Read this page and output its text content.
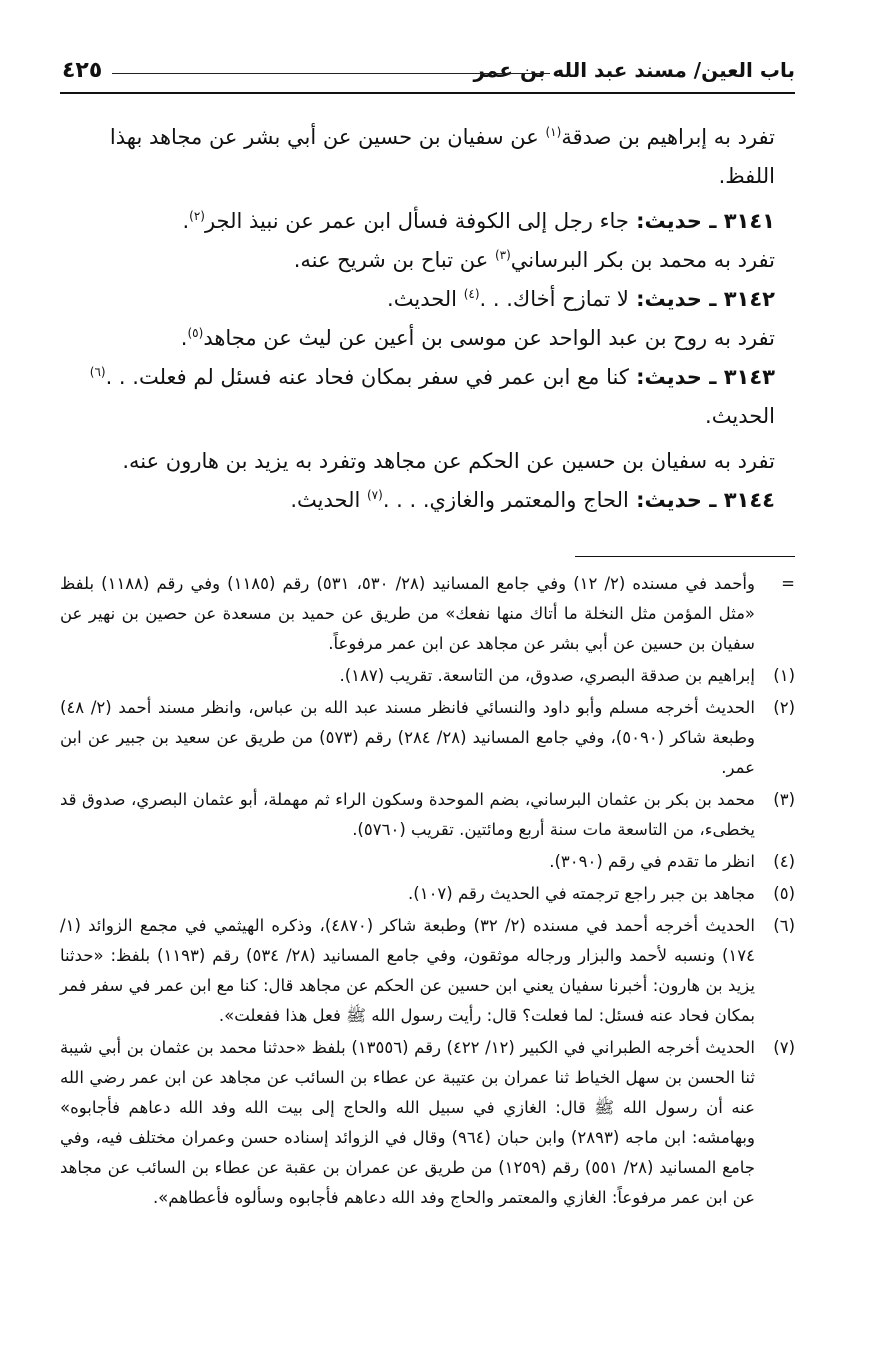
باب العين/ مسند عبد الله بن عمر
٤٢٥

تفرد به إبراهيم بن صدقة$^{(١)}$ عن سفيان بن حسين عن أبي بشر عن مجاهد بهذا اللفظ.

٣١٤١ ـ حديث: جاء رجل إلى الكوفة فسأل ابن عمر عن نبيذ الجر$^{(٢)}$.

تفرد به محمد بن بكر البرساني$^{(٣)}$ عن تباح بن شريح عنه.

٣١٤٢ ـ حديث: لا تمازح أخاك. . .$^{(٤)}$ الحديث.

تفرد به روح بن عبد الواحد عن موسى بن أعين عن ليث عن مجاهد$^{(٥)}$.

٣١٤٣ ـ حديث: كنا مع ابن عمر في سفر بمكان فحاد عنه فسئل لم فعلت. . .$^{(٦)}$ الحديث.

تفرد به سفيان بن حسين عن الحكم عن مجاهد وتفرد به يزيد بن هارون عنه.

٣١٤٤ ـ حديث: الحاج والمعتمر والغازي. . . .$^{(٧)}$ الحديث.

=
وأحمد في مسنده (٢/ ١٢) وفي جامع المسانيد (٢٨/ ٥٣٠، ٥٣١) رقم (١١٨٥) وفي رقم (١١٨٨) بلفظ «مثل المؤمن مثل النخلة ما أتاك منها نفعك» من طريق عن حميد بن مسعدة عن حصين بن نهير عن سفيان بن حسين عن أبي بشر عن مجاهد عن ابن عمر مرفوعاً.
(١)
إبراهيم بن صدقة البصري، صدوق، من التاسعة. تقريب (١٨٧).
(٢)
الحديث أخرجه مسلم وأبو داود والنسائي فانظر مسند عبد الله بن عباس، وانظر مسند أحمد (٢/ ٤٨) وطبعة شاكر (٥٠٩٠)، وفي جامع المسانيد (٢٨/ ٢٨٤) رقم (٥٧٣) من طريق عن سعيد بن جبير عن ابن عمر.
(٣)
محمد بن بكر بن عثمان البرساني، بضم الموحدة وسكون الراء ثم مهملة، أبو عثمان البصري، صدوق قد يخطىء، من التاسعة مات سنة أربع ومائتين. تقريب (٥٧٦٠).
(٤)
انظر ما تقدم في رقم (٣٠٩٠).
(٥)
مجاهد بن جبر راجع ترجمته في الحديث رقم (١٠٧).
(٦)
الحديث أخرجه أحمد في مسنده (٢/ ٣٢) وطبعة شاكر (٤٨٧٠)، وذكره الهيثمي في مجمع الزوائد (١/ ١٧٤) ونسبه لأحمد والبزار ورجاله موثقون، وفي جامع المسانيد (٢٨/ ٥٣٤) رقم (١١٩٣) بلفظ: «حدثنا يزيد بن هارون: أخبرنا سفيان يعني ابن حسين عن الحكم عن مجاهد قال: كنا مع ابن عمر في سفر فمر بمكان فحاد عنه فسئل: لما فعلت؟ قال: رأيت رسول الله ﷺ فعل هذا ففعلت».
(٧)
الحديث أخرجه الطبراني في الكبير (١٢/ ٤٢٢) رقم (١٣٥٥٦) بلفظ «حدثنا محمد بن عثمان بن أبي شيبة ثنا الحسن بن سهل الخياط ثنا عمران بن عتيبة عن عطاء بن السائب عن مجاهد عن ابن عمر رضي الله عنه أن رسول الله ﷺ قال: الغازي في سبيل الله والحاج إلى بيت الله وفد الله دعاهم فأجابوه» وبهامشه: ابن ماجه (٢٨٩٣) وابن حبان (٩٦٤) وقال في الزوائد إسناده حسن وعمران مختلف فيه، وفي جامع المسانيد (٢٨/ ٥٥١) رقم (١٢٥٩) من طريق عن عمران بن عقبة عن عطاء بن السائب عن مجاهد عن ابن عمر مرفوعاً: الغازي والمعتمر والحاج وفد الله دعاهم فأجابوه وسألوه فأعطاهم».
